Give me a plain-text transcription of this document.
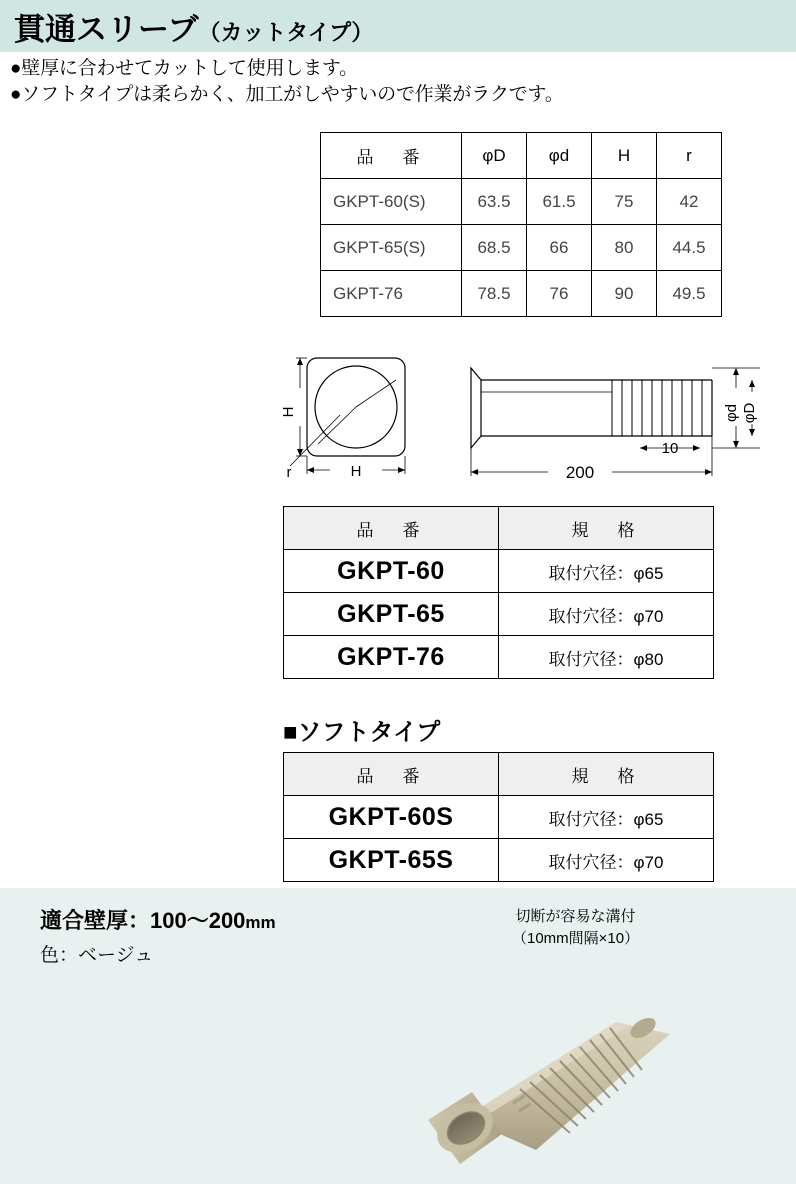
貫通スリーブ（カットタイプ）
●壁厚に合わせてカットして使用します。
●ソフトタイプは柔らかく、加工がしやすいので作業がラクです。
品　番	φD	φd	H	r
GKPT-60(S)	63.5	61.5	75	42
GKPT-65(S)	68.5	66	80	44.5
GKPT-76	78.5	76	90	49.5
H
H
r
φd φD
10
200
品　番	規　格
GKPT-60	取付穴径：φ65
GKPT-65	取付穴径：φ70
GKPT-76	取付穴径：φ80
■ソフトタイプ
品　番	規　格
GKPT-60S	取付穴径：φ65
GKPT-65S	取付穴径：φ70
適合壁厚：100〜200mm
色：ベージュ
切断が容易な溝付
（10mm間隔×10）
